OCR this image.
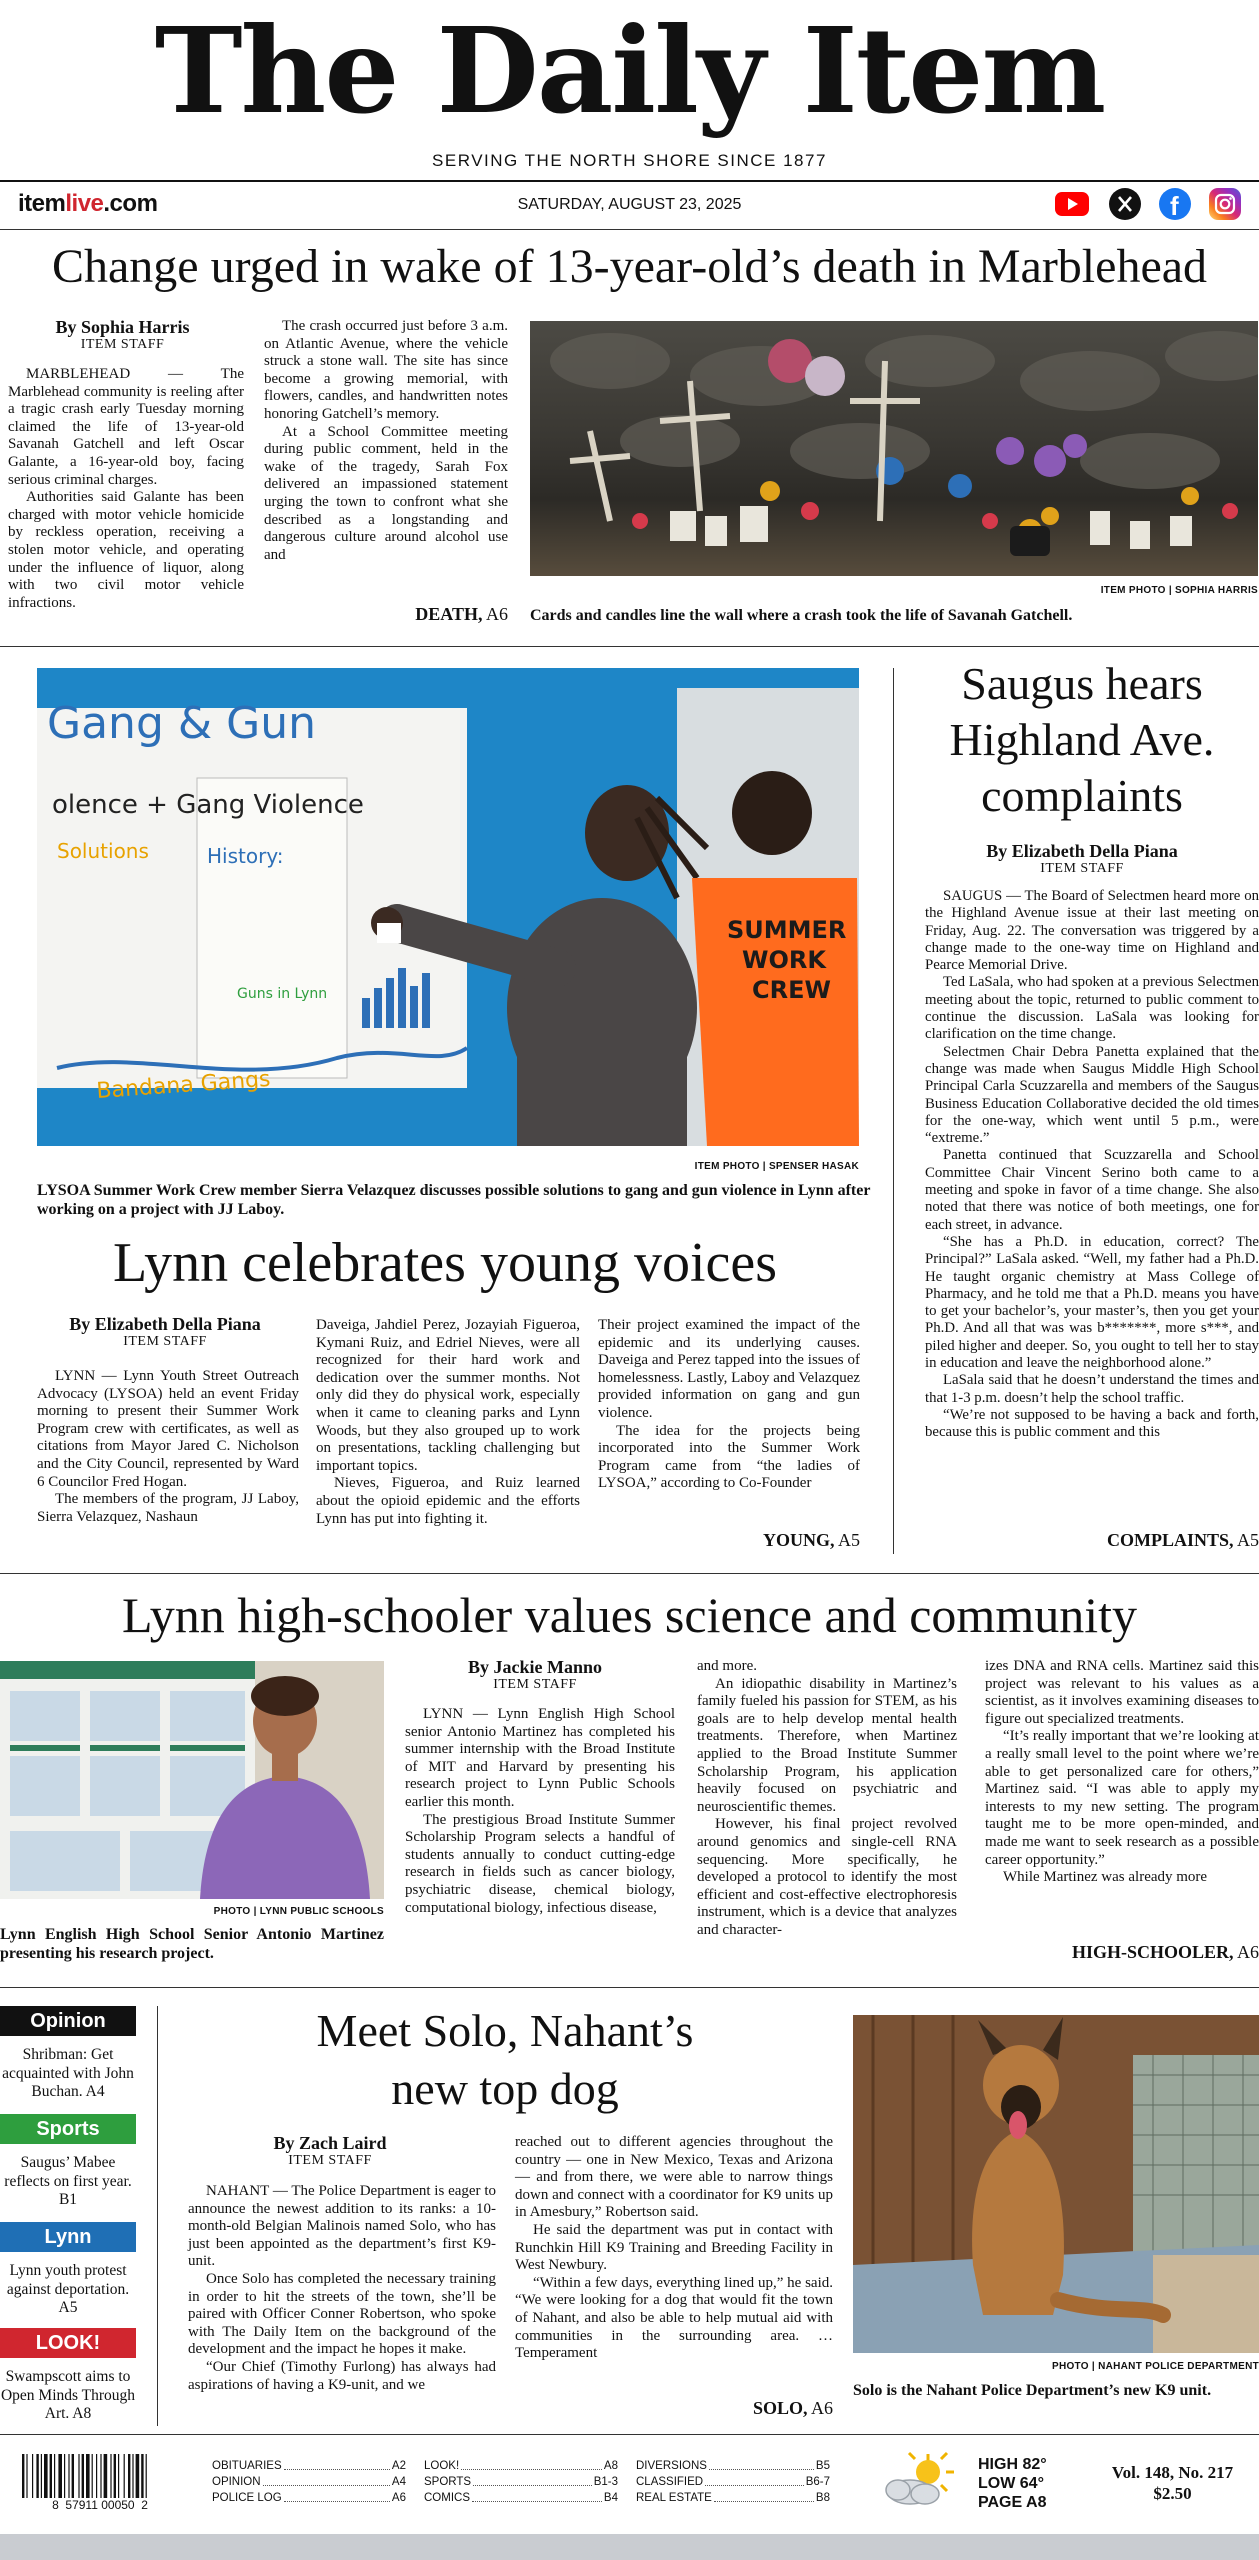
The Daily Item
SERVING THE NORTH SHORE SINCE 1877
itemlive.com	SATURDAY, AUGUST 23, 2025	f
Change urged in wake of 13-year-old’s death in Marblehead
By Sophia Harris
ITEM STAFF

MARBLEHEAD — The Marblehead community is reeling after a tragic crash early Tuesday morning claimed the life of 13-year-old Savanah Gatchell and left Oscar Galante, a 16-year-old boy, facing serious criminal charges.

Authorities said Galante has been charged with motor vehicle homicide by reckless operation, receiving a stolen motor vehicle, and operating under the influence of liquor, along with two civil motor vehicle infractions.

The crash occurred just before 3 a.m. on Atlantic Avenue, where the vehicle struck a stone wall. The site has since become a growing memorial, with flowers, candles, and handwritten notes honoring Gatchell’s memory.

At a School Committee meeting during public comment, held in the wake of the tragedy, Sarah Fox delivered an impassioned statement urging the town to confront what she described as a longstanding and dangerous culture around alcohol use and

DEATH, A6
ITEM PHOTO | SOPHIA HARRIS
Cards and candles line the wall where a crash took the life of Savanah Gatchell.
Gang & Gun
olence + Gang Violence
Solutions	History:
Guns in Lynn
Bandana Gangs
SUMMER
WORK
CREW
ITEM PHOTO | SPENSER HASAK
LYSOA Summer Work Crew member Sierra Velazquez discusses possible solutions to gang and gun violence in Lynn after working on a project with JJ Laboy.
Lynn celebrates young voices
By Elizabeth Della Piana
ITEM STAFF

LYNN — Lynn Youth Street Outreach Advocacy (LYSOA) held an event Friday morning to present their Summer Work Program crew with certificates, as well as citations from Mayor Jared C. Nicholson and the City Council, represented by Ward 6 Councilor Fred Hogan.

The members of the program, JJ Laboy, Sierra Velazquez, Nashaun

Daveiga, Jahdiel Perez, Jozayiah Figueroa, Kymani Ruiz, and Edriel Nieves, were all recognized for their hard work and dedication over the summer months. Not only did they do physical work, especially when it came to cleaning parks and Lynn Woods, but they also grouped up to work on presentations, tackling challenging but important topics.

Nieves, Figueroa, and Ruiz learned about the opioid epidemic and the efforts Lynn has put into fighting it.

Their project examined the impact of the epidemic and its underlying causes. Daveiga and Perez tapped into the issues of homelessness. Lastly, Laboy and Velazquez provided information on gang and gun violence.

The idea for the projects being incorporated into the Summer Work Program came from “the ladies of LYSOA,” according to Co-Founder

YOUNG, A5
Saugus hears
Highland Ave.
complaints
By Elizabeth Della Piana
ITEM STAFF

SAUGUS — The Board of Selectmen heard more on the Highland Avenue issue at their last meeting on Friday, Aug. 22. The conversation was triggered by a change made to the one-way time on Highland and Pearce Memorial Drive.

Ted LaSala, who had spoken at a previous Selectmen meeting about the topic, returned to public comment to continue the discussion. LaSala was looking for clarification on the time change.

Selectmen Chair Debra Panetta explained that the change was made when Saugus Middle High School Principal Carla Scuzzarella and members of the Saugus Business Education Collaborative decided the old times for the one-way, which went until 5 p.m., were “extreme.”

Panetta continued that Scuzzarella and School Committee Chair Vincent Serino both came to a meeting and spoke in favor of a time change. She also noted that there was notice of both meetings, one for each street, in advance.

“She has a Ph.D. in education, correct? The Principal?” LaSala asked. “Well, my father had a Ph.D. He taught organic chemistry at Mass College of Pharmacy, and he told me that a Ph.D. means you have to get your bachelor’s, your master’s, then you get your Ph.D. And all that was was b*******, more s***, and piled higher and deeper. So, you ought to tell her to stay in education and leave the neighborhood alone.”

LaSala said that he doesn’t understand the times and that 1-3 p.m. doesn’t help the school traffic.

“We’re not supposed to be having a back and forth, because this is public comment and this

COMPLAINTS, A5
Lynn high-schooler values science and community
PHOTO | LYNN PUBLIC SCHOOLS
Lynn English High School Senior Antonio Martinez presenting his research project.
By Jackie Manno
ITEM STAFF

LYNN — Lynn English High School senior Antonio Martinez has completed his summer internship with the Broad Institute of MIT and Harvard by presenting his research project to Lynn Public Schools earlier this month.

The prestigious Broad Institute Summer Scholarship Program selects a handful of students annually to conduct cutting-edge research in fields such as cancer biology, psychiatric disease, chemical biology, computational biology, infectious disease,

and more.

An idiopathic disability in Martinez’s family fueled his passion for STEM, as his goals are to help develop mental health treatments. Therefore, when Martinez applied to the Broad Institute Summer Scholarship Program, his application heavily focused on psychiatric and neuroscientific themes.

However, his final project revolved around genomics and single-cell RNA sequencing. More specifically, he developed a protocol to identify the most efficient and cost-effective electrophoresis instrument, which is a device that analyzes and character-

izes DNA and RNA cells. Martinez said this project was relevant to his values as a scientist, as it involves examining diseases to figure out specialized treatments.

“It’s really important that we’re looking at a really small level to the point where we’re able to get personalized care for others,” Martinez said. “I was able to apply my interests to my new setting. The program taught me to be more open-minded, and made me want to seek research as a possible career opportunity.”

While Martinez was already more

HIGH-SCHOOLER, A6
Opinion
Shribman: Get acquainted with John Buchan. A4
Sports
Saugus’ Mabee reflects on first year. B1
Lynn
Lynn youth protest against deportation. A5
LOOK!
Swampscott aims to Open Minds Through Art. A8
Meet Solo, Nahant’s
new top dog
By Zach Laird
ITEM STAFF

NAHANT — The Police Department is eager to announce the newest addition to its ranks: a 10-month-old Belgian Malinois named Solo, who has just been appointed as the department’s first K9-unit.

Once Solo has completed the necessary training in order to hit the streets of the town, she’ll be paired with Officer Conner Robertson, who spoke with The Daily Item on the background of the development and the impact he hopes it make.

“Our Chief (Timothy Furlong) has always had aspirations of having a K9-unit, and we

reached out to different agencies throughout the country — one in New Mexico, Texas and Arizona — and from there, we were able to narrow things down and connect with a coordinator for K9 units up in Amesbury,” Robertson said.

He said the department was put in contact with Runchkin Hill K9 Training and Breeding Facility in West Newbury.

“Within a few days, everything lined up,” he said. “We were looking for a dog that would fit the town of Nahant, and also be able to help mutual aid with communities in the surrounding area. … Temperament

SOLO, A6
PHOTO | NAHANT POLICE DEPARTMENT
Solo is the Nahant Police Department’s new K9 unit.
8  57911 00050  2
OBITUARIES	A2
OPINION	A4
POLICE LOG	A6
LOOK!	A8
SPORTS	B1-3
COMICS	B4
DIVERSIONS	B5
CLASSIFIED	B6-7
REAL ESTATE	B8
HIGH 82°
LOW 64°
PAGE A8
Vol. 148, No. 217
$2.50
